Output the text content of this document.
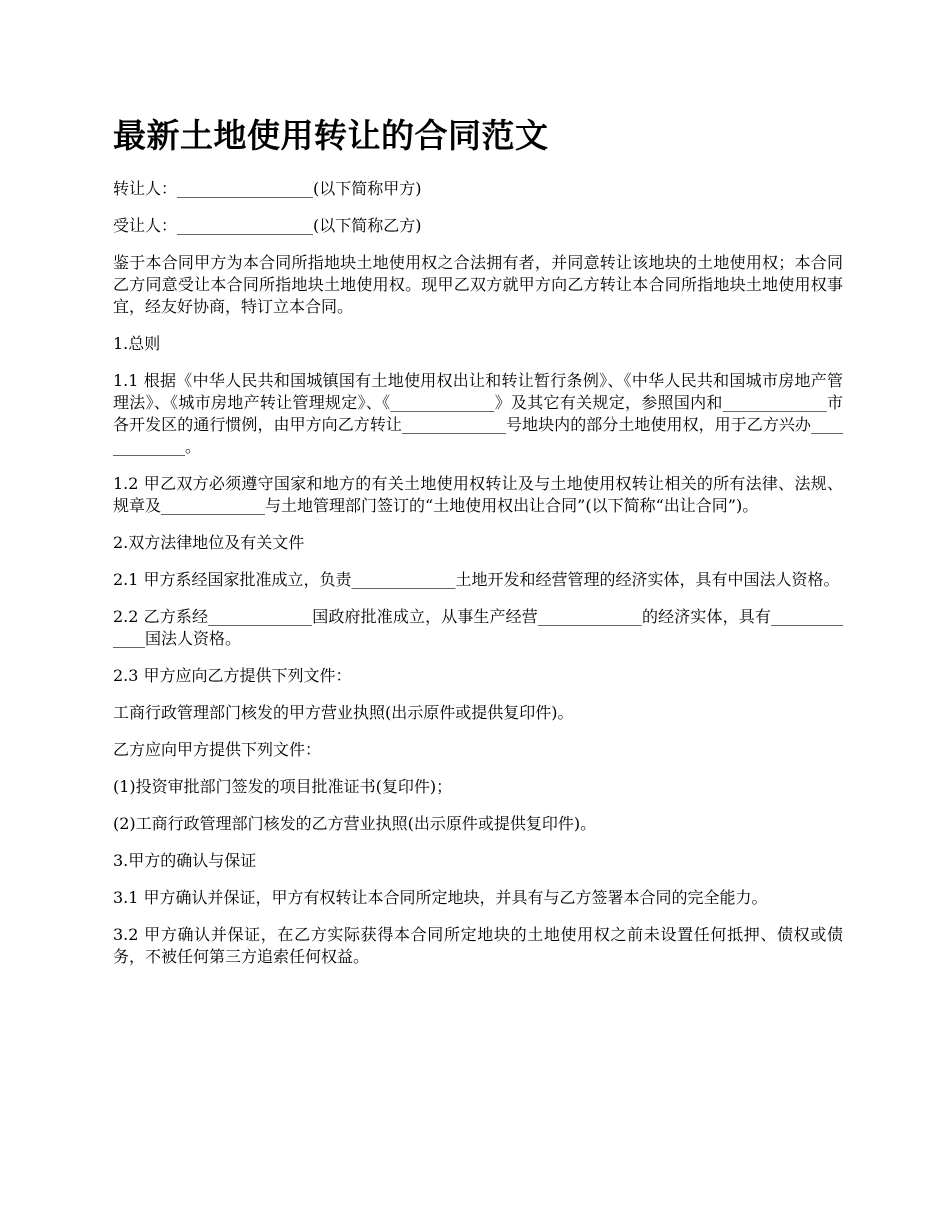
最新土地使用转让的合同范文

转让人：_________________(以下简称甲方)

受让人：_________________(以下简称乙方)

鉴于本合同甲方为本合同所指地块土地使用权之合法拥有者，并同意转让该地块的土地使用权；本合同乙方同意受让本合同所指地块土地使用权。现甲乙双方就甲方向乙方转让本合同所指地块土地使用权事宜，经友好协商，特订立本合同。

1.总则

1.1 根据《中华人民共和国城镇国有土地使用权出让和转让暂行条例》、《中华人民共和国城市房地产管理法》、《城市房地产转让管理规定》、《_____________》及其它有关规定，参照国内和_____________市各开发区的通行惯例，由甲方向乙方转让_____________号地块内的部分土地使用权，用于乙方兴办_____________。

1.2 甲乙双方必须遵守国家和地方的有关土地使用权转让及与土地使用权转让相关的所有法律、法规、规章及_____________与土地管理部门签订的“土地使用权出让合同”(以下简称“出让合同”)。

2.双方法律地位及有关文件

2.1 甲方系经国家批准成立，负责_____________土地开发和经营管理的经济实体，具有中国法人资格。

2.2 乙方系经_____________国政府批准成立，从事生产经营_____________的经济实体，具有_____________国法人资格。

2.3 甲方应向乙方提供下列文件：

工商行政管理部门核发的甲方营业执照(出示原件或提供复印件)。

乙方应向甲方提供下列文件：

(1)投资审批部门签发的项目批准证书(复印件)；

(2)工商行政管理部门核发的乙方营业执照(出示原件或提供复印件)。

3.甲方的确认与保证

3.1 甲方确认并保证，甲方有权转让本合同所定地块，并具有与乙方签署本合同的完全能力。

3.2 甲方确认并保证，在乙方实际获得本合同所定地块的土地使用权之前未设置任何抵押、债权或债务，不被任何第三方追索任何权益。
